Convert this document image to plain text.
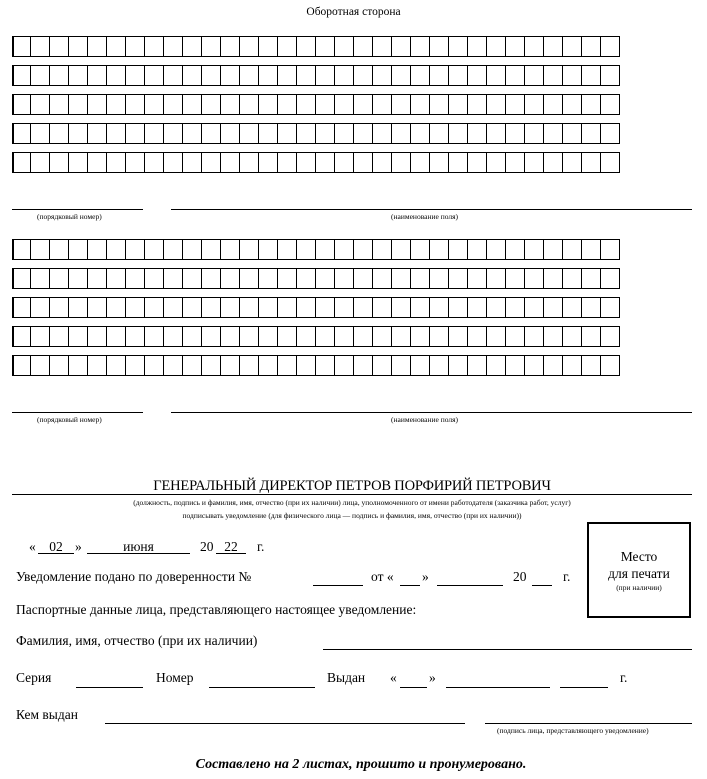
Оборотная сторона
(порядковый номер)	(наименование поля)
(порядковый номер)	(наименование поля)
ГЕНЕРАЛЬНЫЙ ДИРЕКТОР ПЕТРОВ ПОРФИРИЙ ПЕТРОВИЧ
(должность, подпись и фамилия, имя, отчество (при их наличии) лица, уполномоченного от имени работодателя (заказчика работ, услуг)
подписывать уведомление (для физического лица — подпись и фамилия, имя, отчество (при их наличии))
«	02 »	июня	20 22	г.
Уведомление подано по доверенности №	от « »	20	г.
Место
для печати
(при наличии)
Паспортные данные лица, представляющего настоящее уведомление:
Фамилия, имя, отчество (при их наличии)
Серия	Номер	Выдан « »	г.
Кем выдан
(подпись лица, представляющего уведомление)
Составлено на 2 листах, прошито и пронумеровано.
